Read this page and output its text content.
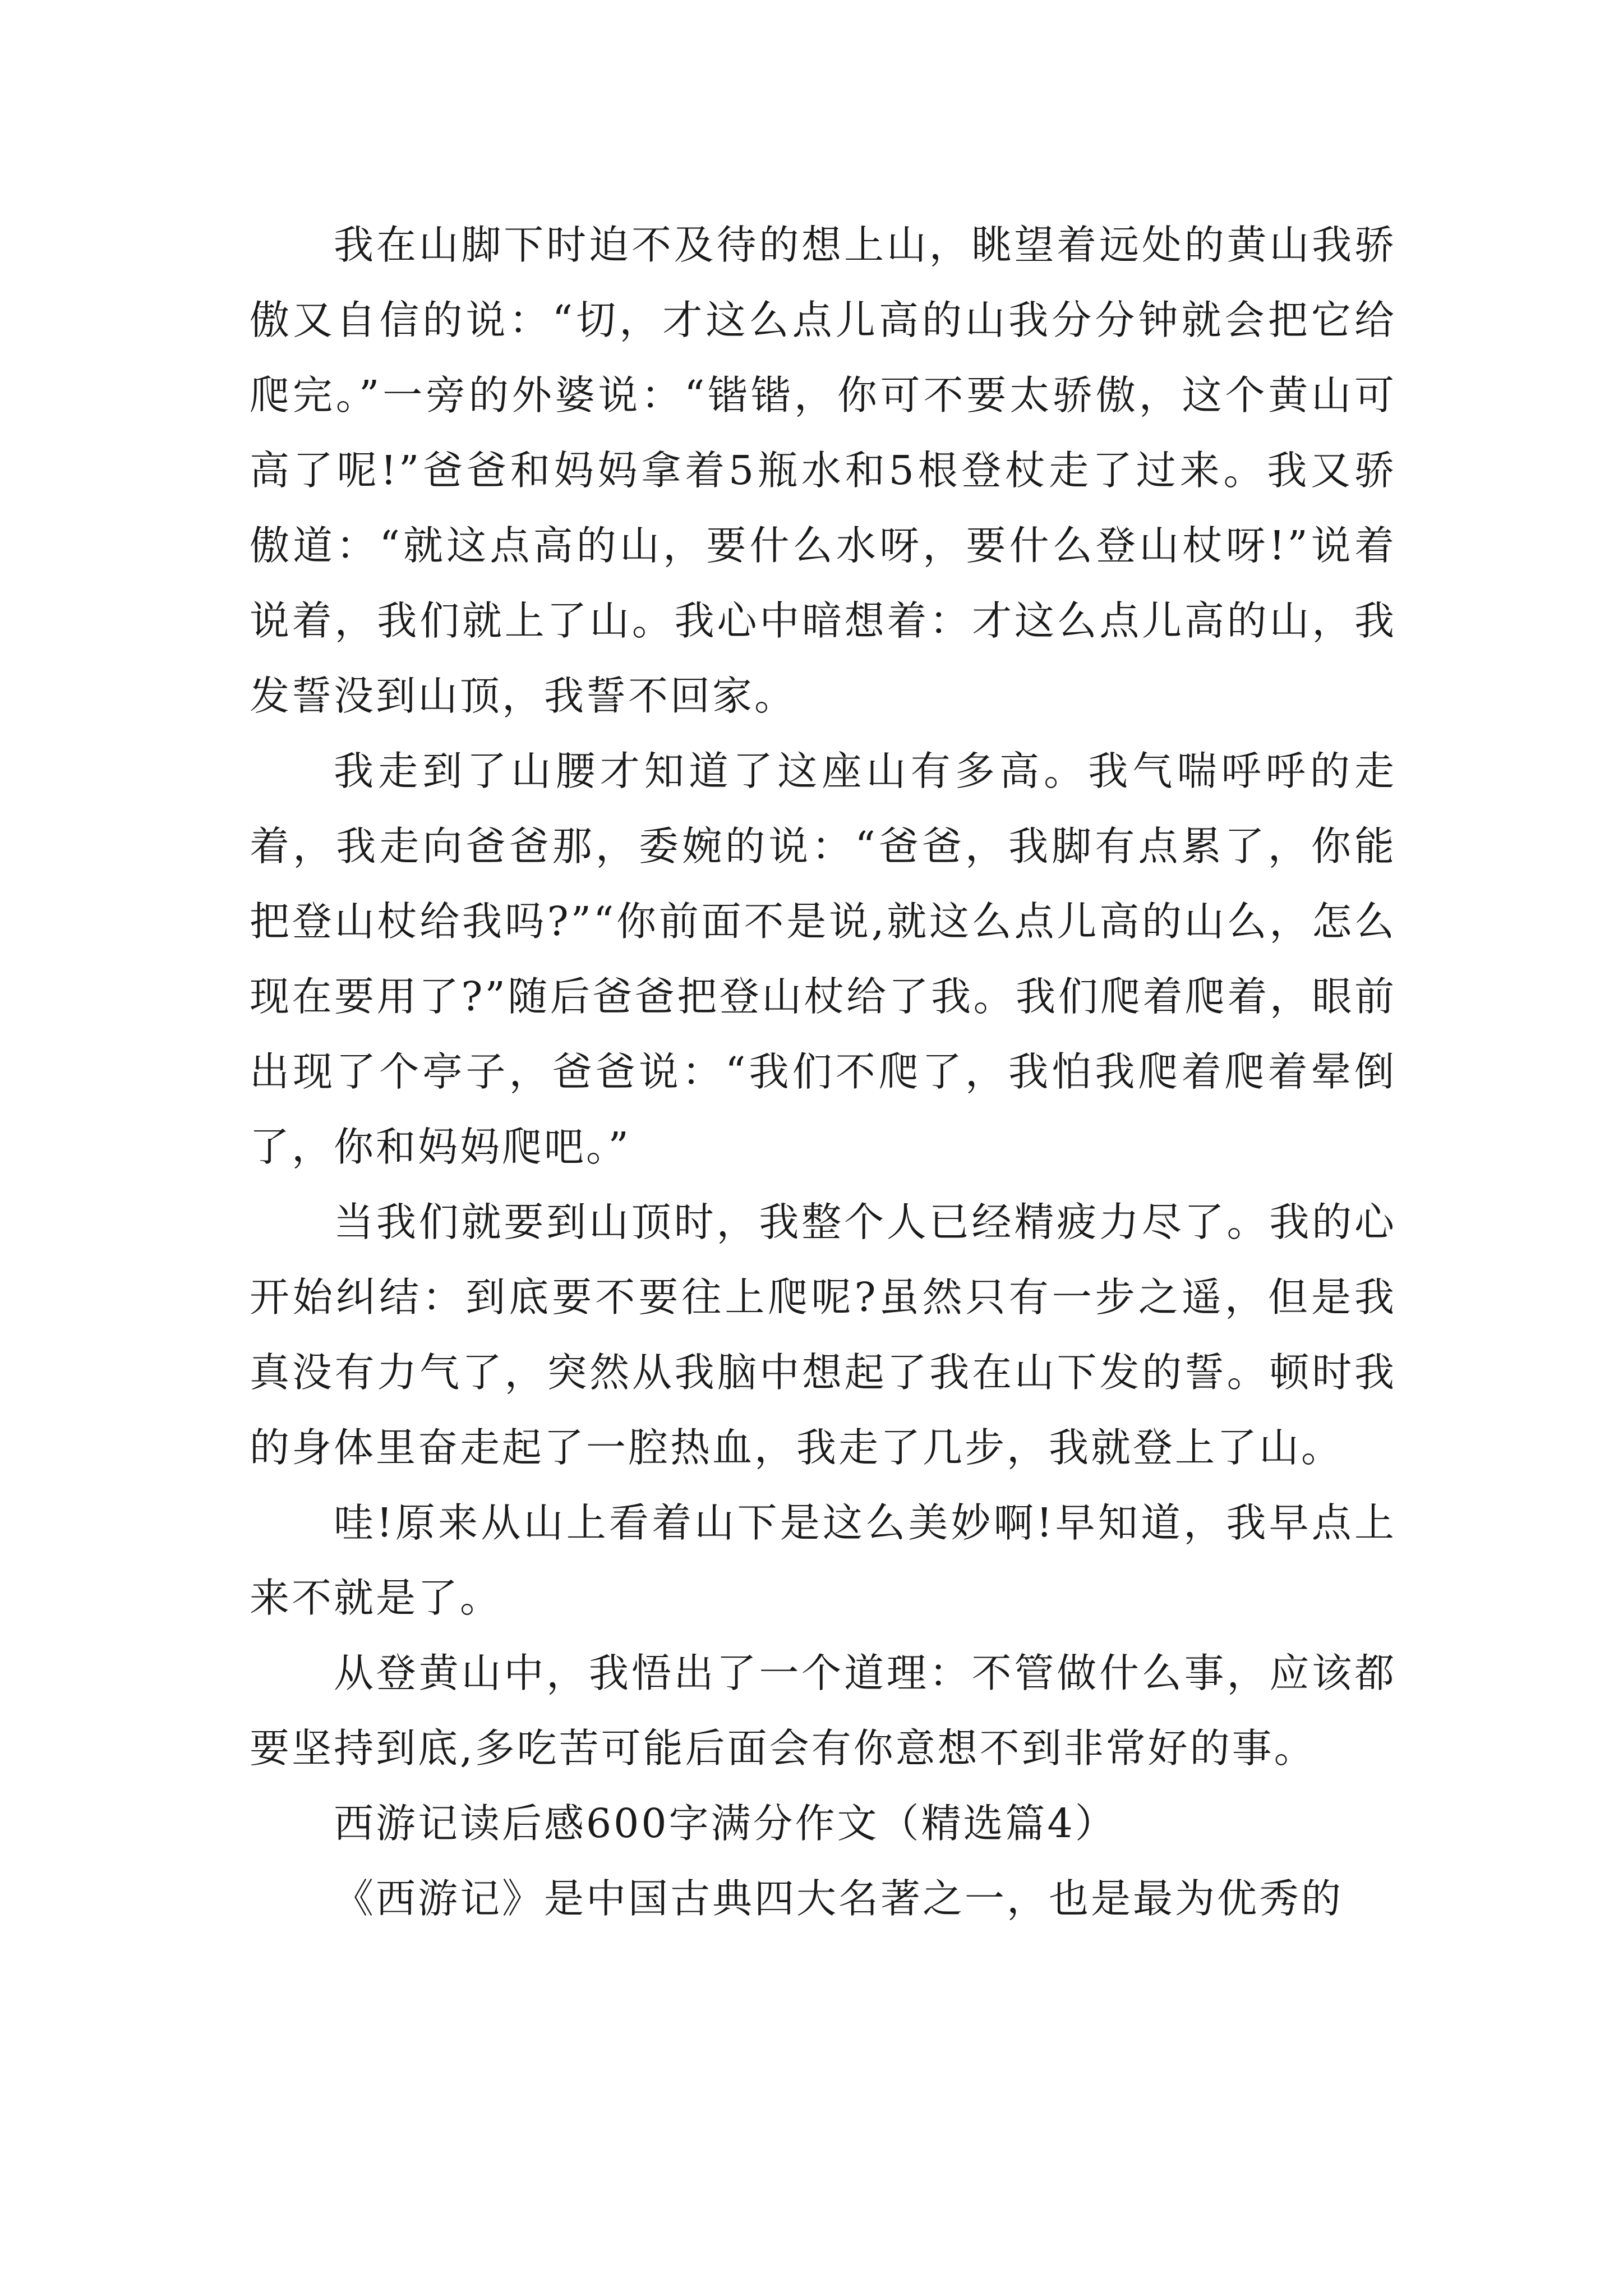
我在山脚下时迫不及待的想上山，眺望着远处的黄山我骄傲又自信的说：“切，才这么点儿高的山我分分钟就会把它给爬完。”一旁的外婆说：“锴锴，你可不要太骄傲，这个黄山可高了呢!”爸爸和妈妈拿着5瓶水和5根登杖走了过来。我又骄傲道：“就这点高的山，要什么水呀，要什么登山杖呀!”说着说着，我们就上了山。我心中暗想着：才这么点儿高的山，我发誓没到山顶，我誓不回家。

我走到了山腰才知道了这座山有多高。我气喘呼呼的走着，我走向爸爸那，委婉的说：“爸爸，我脚有点累了，你能把登山杖给我吗?”“你前面不是说,就这么点儿高的山么，怎么现在要用了?”随后爸爸把登山杖给了我。我们爬着爬着，眼前出现了个亭子，爸爸说：“我们不爬了，我怕我爬着爬着晕倒了，你和妈妈爬吧。”

当我们就要到山顶时，我整个人已经精疲力尽了。我的心开始纠结：到底要不要往上爬呢?虽然只有一步之遥，但是我真没有力气了，突然从我脑中想起了我在山下发的誓。顿时我的身体里奋走起了一腔热血，我走了几步，我就登上了山。

哇!原来从山上看着山下是这么美妙啊!早知道，我早点上来不就是了。

从登黄山中，我悟出了一个道理：不管做什么事，应该都要坚持到底,多吃苦可能后面会有你意想不到非常好的事。

西游记读后感600字满分作文（精选篇4）

《西游记》是中国古典四大名著之一，也是最为优秀的
